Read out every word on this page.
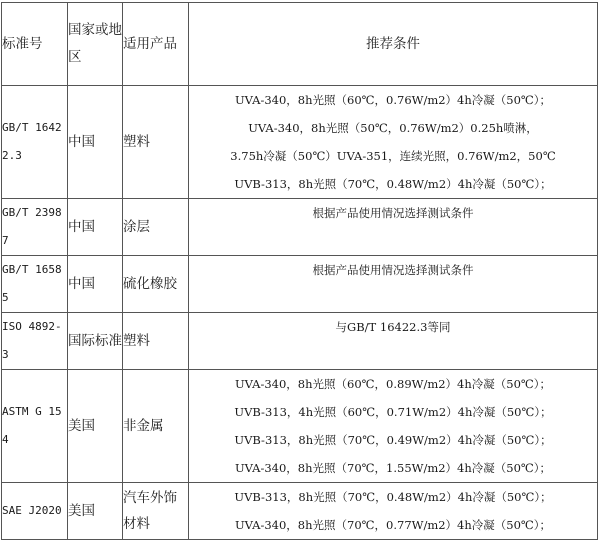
标准号	国家或地区	适用产品	推荐条件
GB/T 16422.3	中国	塑料	UVA-340，8h光照（60℃，0.76W/m2）4h冷凝（50℃）；
UVA-340，8h光照（50℃，0.76W/m2）0.25h喷淋，
3.75h冷凝（50℃）UVA-351，连续光照，0.76W/m2，50℃
UVB-313，8h光照（70℃，0.48W/m2）4h冷凝（50℃）；

GB/T 23987	中国	涂层	根据产品使用情况选择测试条件

GB/T 16585	中国	硫化橡胶	根据产品使用情况选择测试条件

ISO 4892-3	国际标准	塑料	与GB/T 16422.3等同

ASTM G 154	美国	非金属	UVA-340，8h光照（60℃，0.89W/m2）4h冷凝（50℃）；
UVB-313，4h光照（60℃，0.71W/m2）4h冷凝（50℃）；
UVB-313，8h光照（70℃，0.49W/m2）4h冷凝（50℃）；
UVA-340，8h光照（70℃，1.55W/m2）4h冷凝（50℃）；

SAE J2020	美国	汽车外饰材料	UVB-313，8h光照（70℃，0.48W/m2）4h冷凝（50℃）；
UVA-340，8h光照（70℃，0.77W/m2）4h冷凝（50℃）；
